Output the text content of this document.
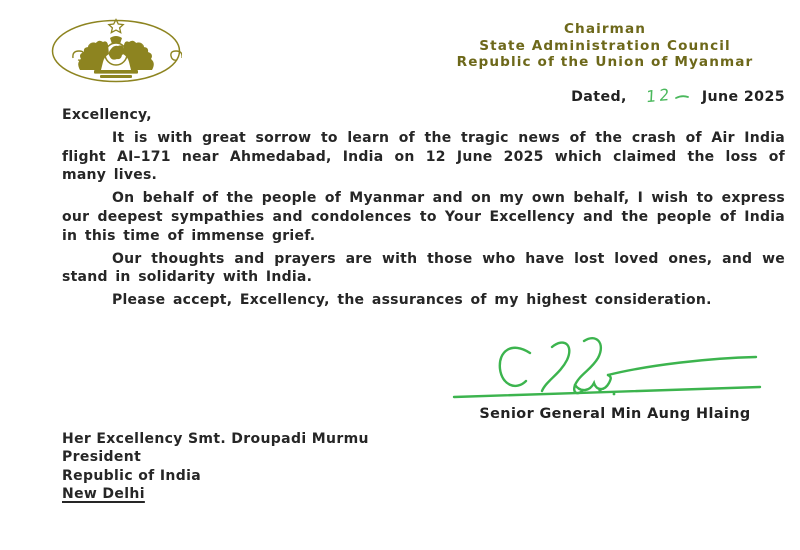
Chairman
State Administration Council
Republic of the Union of Myanmar
Dated, 12 June 2025

Excellency,

It is with great sorrow to learn of the tragic news of the crash of Air India flight AI–171 near Ahmedabad, India on 12 June 2025 which claimed the loss of many lives.

On behalf of the people of Myanmar and on my own behalf, I wish to express our deepest sympathies and condolences to Your Excellency and the people of India in this time of immense grief.

Our thoughts and prayers are with those who have lost loved ones, and we stand in solidarity with India.

Please accept, Excellency, the assurances of my highest consideration.

Senior General Min Aung Hlaing
Her Excellency Smt. Droupadi Murmu
President
Republic of India
New Delhi
